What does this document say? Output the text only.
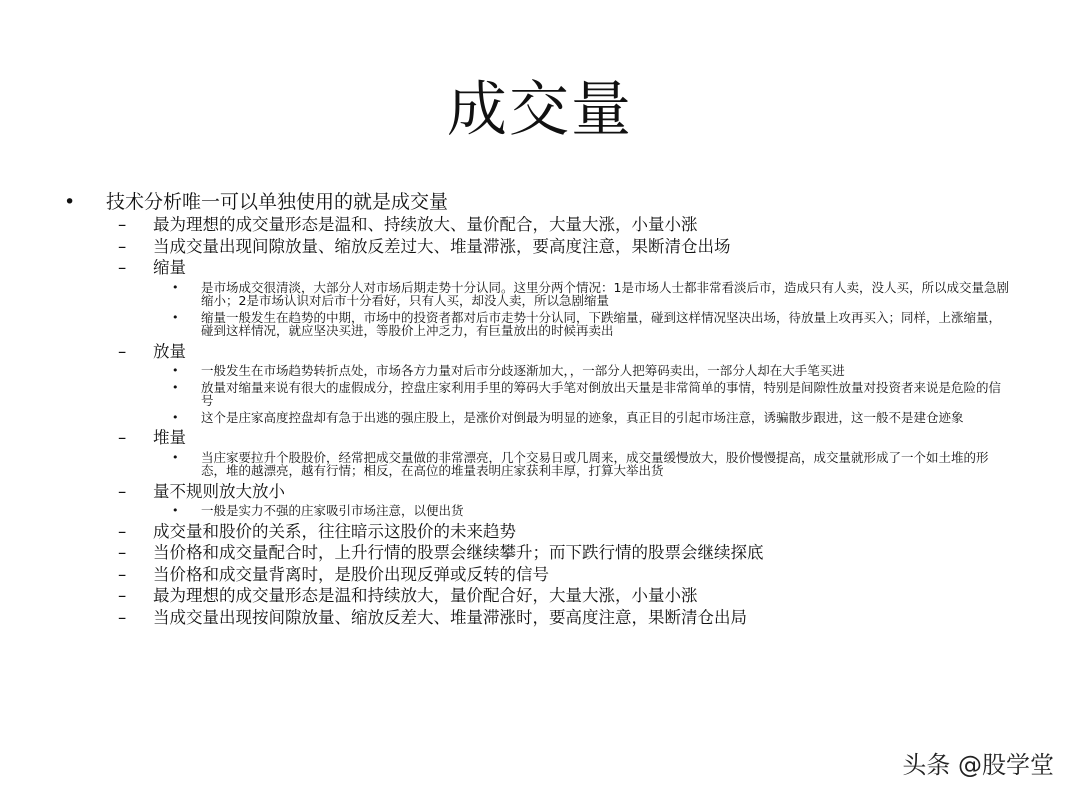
成交量
• 技术分析唯一可以单独使用的就是成交量
– 最为理想的成交量形态是温和、持续放大、量价配合，大量大涨，小量小涨
– 当成交量出现间隙放量、缩放反差过大、堆量滞涨，要高度注意，果断清仓出场
– 缩量
• 是市场成交很清淡，大部分人对市场后期走势十分认同。这里分两个情况：1是市场人士都非常看淡后市，造成只有人卖，没人买，所以成交量急剧缩小；2是市场认识对后市十分看好，只有人买，却没人卖，所以急剧缩量
• 缩量一般发生在趋势的中期，市场中的投资者都对后市走势十分认同，下跌缩量，碰到这样情况坚决出场，待放量上攻再买入；同样，上涨缩量，碰到这样情况，就应坚决买进，等股价上冲乏力，有巨量放出的时候再卖出
– 放量
• 一般发生在市场趋势转折点处，市场各方力量对后市分歧逐渐加大，，一部分人把筹码卖出，一部分人却在大手笔买进
• 放量对缩量来说有很大的虚假成分，控盘庄家利用手里的筹码大手笔对倒放出天量是非常简单的事情，特别是间隙性放量对投资者来说是危险的信号
• 这个是庄家高度控盘却有急于出逃的强庄股上，是涨价对倒最为明显的迹象，真正目的引起市场注意，诱骗散步跟进，这一般不是建仓迹象
– 堆量
• 当庄家要拉升个股股价，经常把成交量做的非常漂亮，几个交易日或几周来，成交量缓慢放大，股价慢慢提高，成交量就形成了一个如土堆的形态，堆的越漂亮，越有行情；相反，在高位的堆量表明庄家获利丰厚，打算大举出货
– 量不规则放大放小
• 一般是实力不强的庄家吸引市场注意，以便出货
– 成交量和股价的关系，往往暗示这股价的未来趋势
– 当价格和成交量配合时，上升行情的股票会继续攀升；而下跌行情的股票会继续探底
– 当价格和成交量背离时，是股价出现反弹或反转的信号
– 最为理想的成交量形态是温和持续放大，量价配合好，大量大涨，小量小涨
– 当成交量出现按间隙放量、缩放反差大、堆量滞涨时，要高度注意，果断清仓出局
头条 @股学堂
